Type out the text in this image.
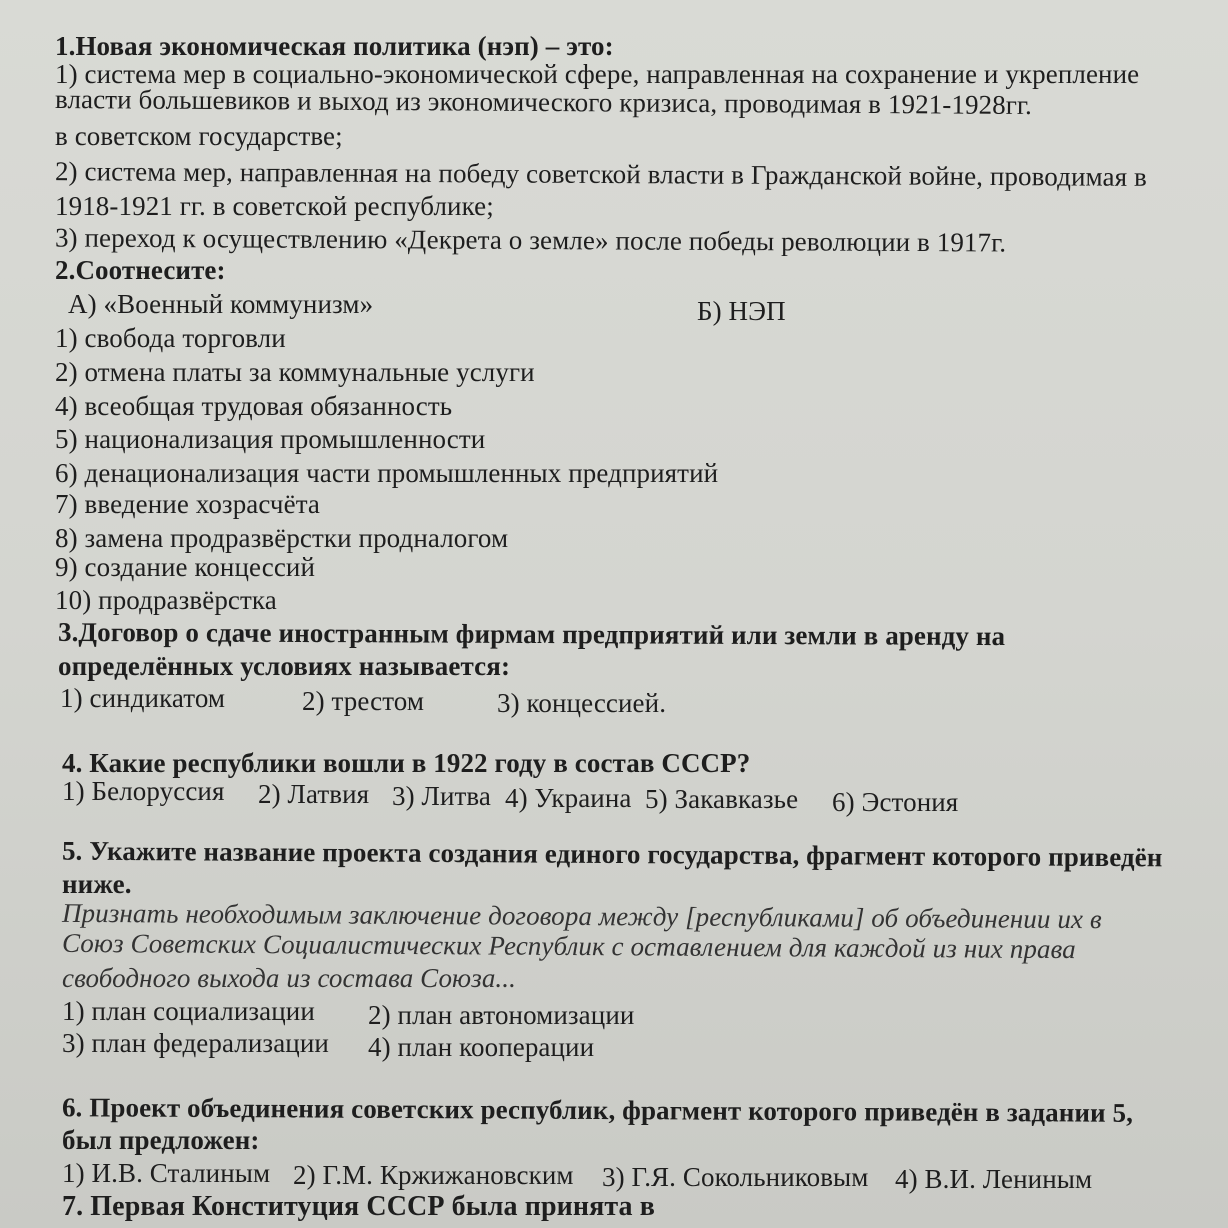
1.Новая экономическая политика (нэп) – это:
1) система мер в социально-экономической сфере, направленная на сохранение и укрепление
власти большевиков и выход из экономического кризиса, проводимая в 1921-1928гг.
в советском государстве;
2) система мер, направленная на победу советской власти в Гражданской войне, проводимая в
1918-1921 гг. в советской республике;
3) переход к осуществлению «Декрета о земле» после победы революции в 1917г.
2.Соотнесите:
А) «Военный коммунизм»	Б) НЭП
1) свобода торговли
2) отмена платы за коммунальные услуги
4) всеобщая трудовая обязанность
5) национализация промышленности
6) денационализация части промышленных предприятий
7) введение хозрасчёта
8) замена продразвёрстки продналогом
9) создание концессий
10) продразвёрстка
3.Договор о сдаче иностранным фирмам предприятий или земли в аренду на
определённых условиях называется:
1) синдикатом	2) трестом	3) концессией.
4. Какие республики вошли в 1922 году в состав СССР?
1) Белоруссия 2) Латвия 3) Литва 4) Украина 5) Закавказье 6) Эстония
5. Укажите название проекта создания единого государства, фрагмент которого приведён
ниже.
Признать необходимым заключение договора между [республиками] об объединении их в
Союз Советских Социалистических Республик с оставлением для каждой из них права
свободного выхода из состава Союза...
1) план социализации 2) план автономизации
3) план федерализации 4) план кооперации
6. Проект объединения советских республик, фрагмент которого приведён в задании 5,
был предложен:
1) И.В. Сталиным 2) Г.М. Кржижановским 3) Г.Я. Сокольниковым 4) В.И. Лениным
7. Первая Конституция СССР была принята в
